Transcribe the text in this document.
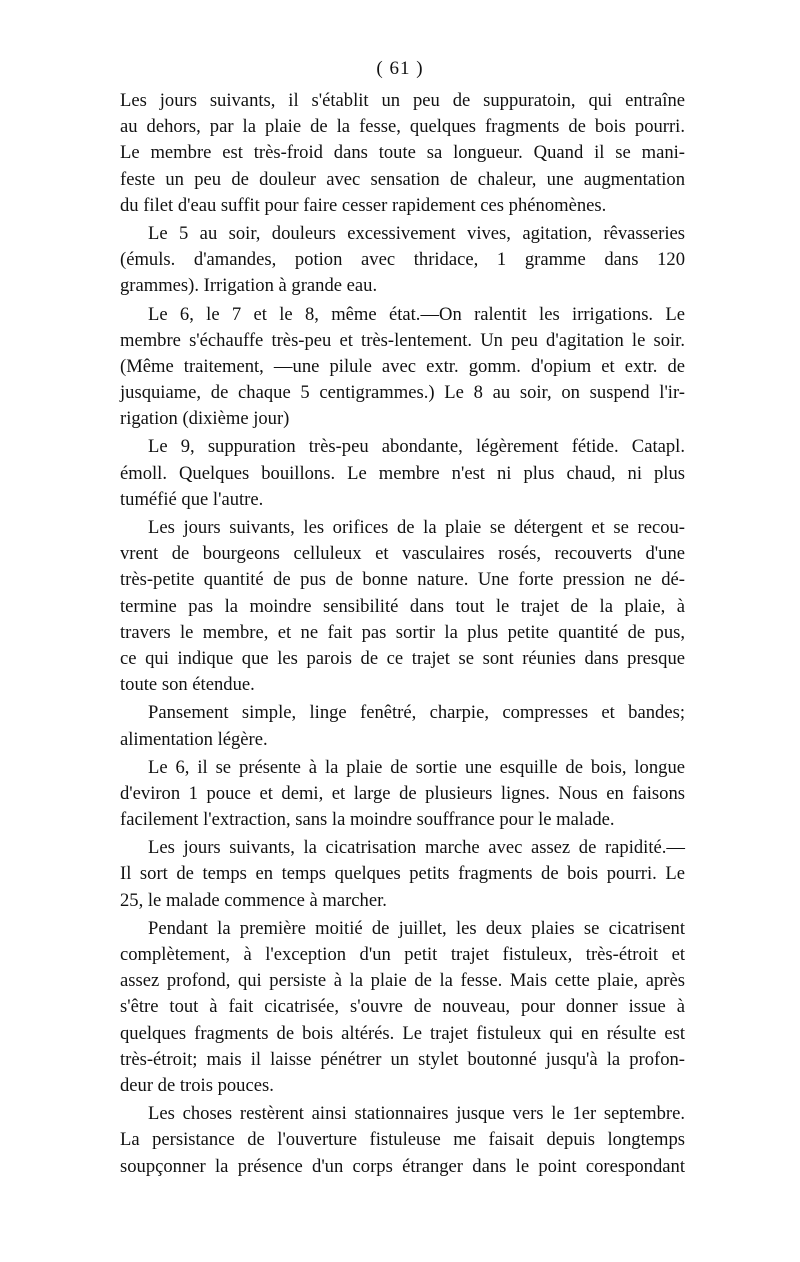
( 61 )
Les jours suivants, il s'établit un peu de suppuratoin, qui entraîne
au dehors, par la plaie de la fesse, quelques fragments de bois pourri.
Le membre est très-froid dans toute sa longueur. Quand il se mani-
feste un peu de douleur avec sensation de chaleur, une augmentation
du filet d'eau suffit pour faire cesser rapidement ces phénomènes.
Le 5 au soir, douleurs excessivement vives, agitation, rêvasseries
(émuls. d'amandes, potion avec thridace, 1 gramme dans 120
grammes). Irrigation à grande eau.
Le 6, le 7 et le 8, même état.—On ralentit les irrigations. Le
membre s'échauffe très-peu et très-lentement. Un peu d'agitation le soir.
(Même traitement, —une pilule avec extr. gomm. d'opium et extr. de
jusquiame, de chaque 5 centigrammes.) Le 8 au soir, on suspend l'ir-
rigation (dixième jour)
Le 9, suppuration très-peu abondante, légèrement fétide. Catapl.
émoll. Quelques bouillons. Le membre n'est ni plus chaud, ni plus
tuméfié que l'autre.
Les jours suivants, les orifices de la plaie se détergent et se recou-
vrent de bourgeons celluleux et vasculaires rosés, recouverts d'une
très-petite quantité de pus de bonne nature. Une forte pression ne dé-
termine pas la moindre sensibilité dans tout le trajet de la plaie, à
travers le membre, et ne fait pas sortir la plus petite quantité de pus,
ce qui indique que les parois de ce trajet se sont réunies dans presque
toute son étendue.
Pansement simple, linge fenêtré, charpie, compresses et bandes;
alimentation légère.
Le 6, il se présente à la plaie de sortie une esquille de bois, longue
d'eviron 1 pouce et demi, et large de plusieurs lignes. Nous en faisons
facilement l'extraction, sans la moindre souffrance pour le malade.
Les jours suivants, la cicatrisation marche avec assez de rapidité.—
Il sort de temps en temps quelques petits fragments de bois pourri. Le
25, le malade commence à marcher.
Pendant la première moitié de juillet, les deux plaies se cicatrisent
complètement, à l'exception d'un petit trajet fistuleux, très-étroit et
assez profond, qui persiste à la plaie de la fesse. Mais cette plaie, après
s'être tout à fait cicatrisée, s'ouvre de nouveau, pour donner issue à
quelques fragments de bois altérés. Le trajet fistuleux qui en résulte est
très-étroit; mais il laisse pénétrer un stylet boutonné jusqu'à la profon-
deur de trois pouces.
Les choses restèrent ainsi stationnaires jusque vers le 1er septembre.
La persistance de l'ouverture fistuleuse me faisait depuis longtemps
soupçonner la présence d'un corps étranger dans le point corespondant
